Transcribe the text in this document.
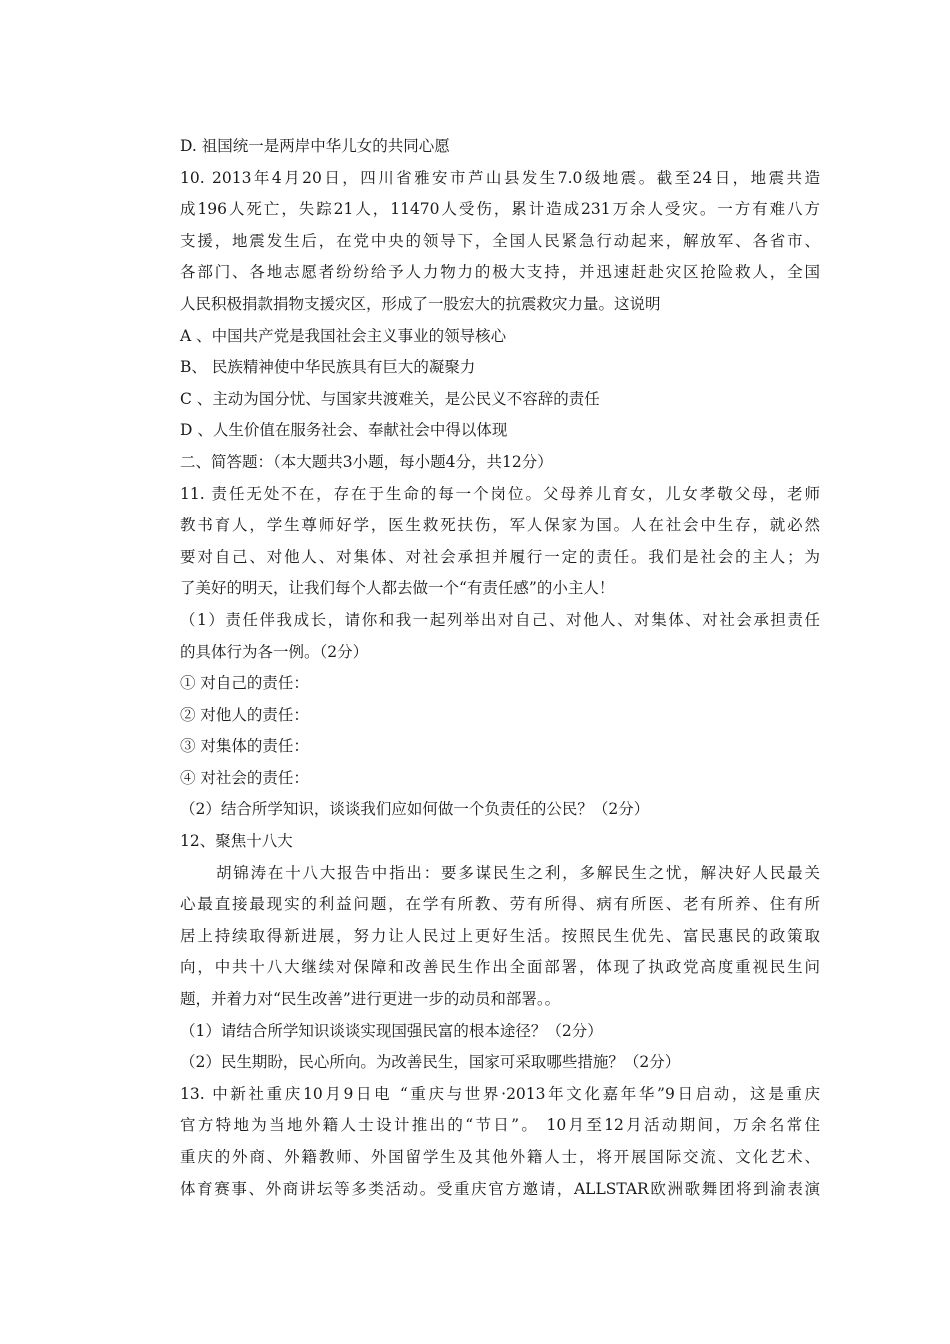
D. 祖国统一是两岸中华儿女的共同心愿
10. 2013年4月20日，四川省雅安市芦山县发生7.0级地震。截至24日，地震共造
成196人死亡，失踪21人，11470人受伤，累计造成231万余人受灾。一方有难八方
支援，地震发生后，在党中央的领导下，全国人民紧急行动起来，解放军、各省市、
各部门、各地志愿者纷纷给予人力物力的极大支持，并迅速赶赴灾区抢险救人，全国
人民积极捐款捐物支援灾区，形成了一股宏大的抗震救灾力量。这说明
A 、中国共产党是我国社会主义事业的领导核心
B、 民族精神使中华民族具有巨大的凝聚力
C 、主动为国分忧、与国家共渡难关，是公民义不容辞的责任
D 、人生价值在服务社会、奉献社会中得以体现
二、简答题：（本大题共3小题，每小题4分，共12分）
11. 责任无处不在，存在于生命的每一个岗位。父母养儿育女，儿女孝敬父母，老师
教书育人，学生尊师好学，医生救死扶伤，军人保家为国。人在社会中生存，就必然
要对自己、对他人、对集体、对社会承担并履行一定的责任。我们是社会的主人；为
了美好的明天，让我们每个人都去做一个“有责任感”的小主人！
（1）责任伴我成长，请你和我一起列举出对自己、对他人、对集体、对社会承担责任
的具体行为各一例。（2分）
① 对自己的责任：
② 对他人的责任：
③ 对集体的责任：
④ 对社会的责任：
（2）结合所学知识，谈谈我们应如何做一个负责任的公民？（2分）
12、聚焦十八大
胡锦涛在十八大报告中指出：要多谋民生之利，多解民生之忧，解决好人民最关
心最直接最现实的利益问题，在学有所教、劳有所得、病有所医、老有所养、住有所
居上持续取得新进展，努力让人民过上更好生活。按照民生优先、富民惠民的政策取
向，中共十八大继续对保障和改善民生作出全面部署，体现了执政党高度重视民生问
题，并着力对“民生改善”进行更进一步的动员和部署。。
（1）请结合所学知识谈谈实现国强民富的根本途径？（2分）
（2）民生期盼，民心所向。为改善民生，国家可采取哪些措施？（2分）
13. 中新社重庆10月9日电 “重庆与世界·2013年文化嘉年华”9日启动，这是重庆
官方特地为当地外籍人士设计推出的“节日”。 10月至12月活动期间，万余名常住
重庆的外商、外籍教师、外国留学生及其他外籍人士，将开展国际交流、文化艺术、
体育赛事、外商讲坛等多类活动。受重庆官方邀请，ALLSTAR欧洲歌舞团将到渝表演
